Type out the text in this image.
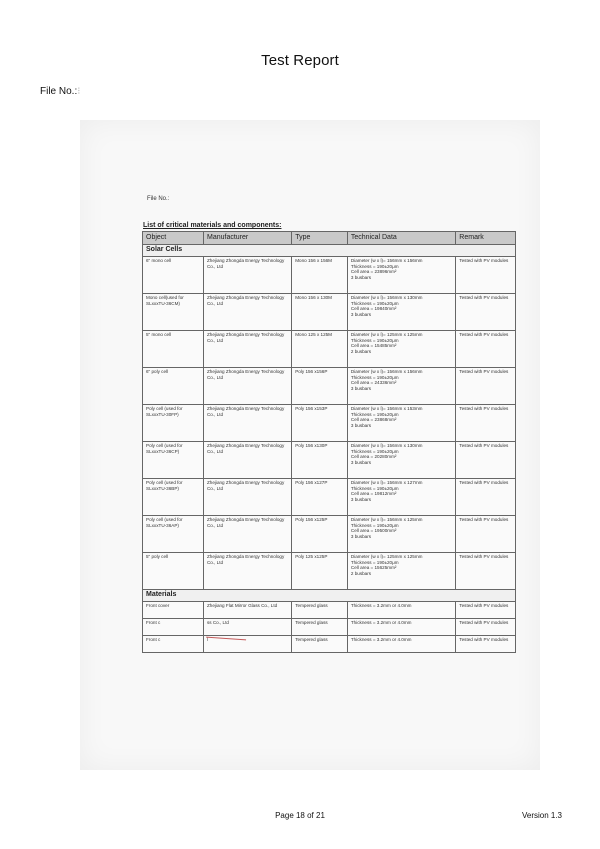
Test Report
File No.:⁝
File No.:
List of critical materials and components:
Object	Manufacturer	Type	Technical Data	Remark
Solar Cells				
6" mono cell	Zhejiang Zhongda Energy Technology Co., Ltd	Mono 156 x 156M	Diameter (w x l)= 156mm x 156mm
Thickness = 190±20μm
Cell area = 23896mm²
3 busbars	Tested with PV modules
Mono cell(used for SLxxxTU-36CM)	Zhejiang Zhongda Energy Technology Co., Ltd	Mono 156 x 130M	Diameter (w x l)= 156mm x 130mm
Thickness = 190±20μm
Cell area = 19840mm²
3 busbars	Tested with PV modules
5" mono cell	Zhejiang Zhongda Energy Technology Co., Ltd	Mono 125 x 125M	Diameter (w x l)= 125mm x 125mm
Thickness = 190±20μm
Cell area = 15485mm²
2 busbars	Tested with PV modules
6" poly cell	Zhejiang Zhongda Energy Technology Co., Ltd	Poly 156 x156P	Diameter (w x l)= 156mm x 156mm
Thickness = 190±20μm
Cell area = 24336mm²
3 busbars	Tested with PV modules
Poly cell (used for SLxxxTU-30FP)	Zhejiang Zhongda Energy Technology Co., Ltd	Poly 156 x153P	Diameter (w x l)= 156mm x 153mm
Thickness = 190±20μm
Cell area = 23868mm²
3 busbars	Tested with PV modules
Poly cell (used for SLxxxTU-36CP)	Zhejiang Zhongda Energy Technology Co., Ltd	Poly 156 x130P	Diameter (w x l)= 156mm x 130mm
Thickness = 190±20μm
Cell area = 20280mm²
3 busbars	Tested with PV modules
Poly cell (used for SLxxxTU-36BP)	Zhejiang Zhongda Energy Technology Co., Ltd	Poly 156 x127P	Diameter (w x l)= 156mm x 127mm
Thickness = 190±20μm
Cell area = 19812mm²
3 busbars	Tested with PV modules
Poly cell (used for SLxxxTU-36AP)	Zhejiang Zhongda Energy Technology Co., Ltd	Poly 156 x125P	Diameter (w x l)= 156mm x 125mm
Thickness = 190±20μm
Cell area = 19500mm²
3 busbars	Tested with PV modules
5" poly cell	Zhejiang Zhongda Energy Technology Co., Ltd	Poly 125 x125P	Diameter (w x l)= 125mm x 125mm
Thickness = 190±20μm
Cell area = 15625mm²
2 busbars	Tested with PV modules
Materials				
Front cover	Zhejiang Flat Mirror Glass Co., Ltd	Tempered glass	Thickness = 3.2mm or 4.0mm	Tested with PV modules
Front c	ss Co., Ltd	Tempered glass	Thickness = 3.2mm or 4.0mm	Tested with PV modules
Front c	l	Tempered glass	Thickness = 3.2mm or 4.0mm	Tested with PV modules
Page 18 of 21	Version 1.3
